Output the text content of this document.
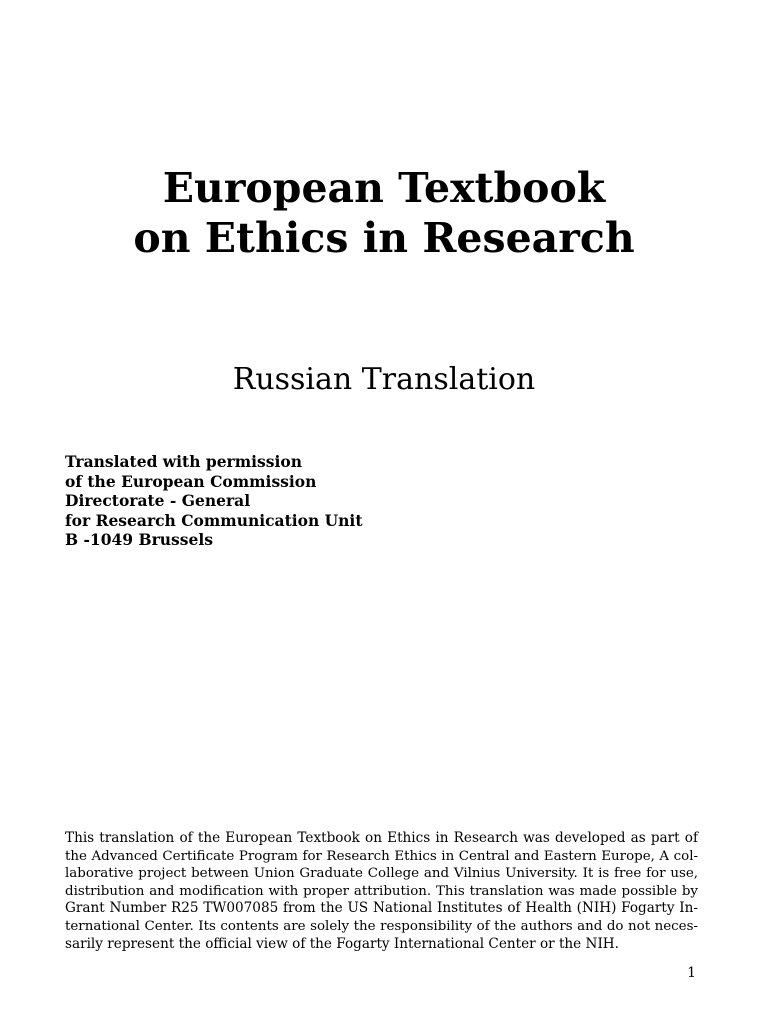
European Textbook
on Ethics in Research
Russian Translation
Translated with permission
of the European Commission
Directorate - General
for Research Communication Unit
B -1049 Brussels
This translation of the European Textbook on Ethics in Research was developed as part of
the Advanced Certificate Program for Research Ethics in Central and Eastern Europe, A col-
laborative project between Union Graduate College and Vilnius University. It is free for use,
distribution and modification with proper attribution. This translation was made possible by
Grant Number R25 TW007085 from the US National Institutes of Health (NIH) Fogarty In-
ternational Center. Its contents are solely the responsibility of the authors and do not neces-
sarily represent the official view of the Fogarty International Center or the NIH.
1
